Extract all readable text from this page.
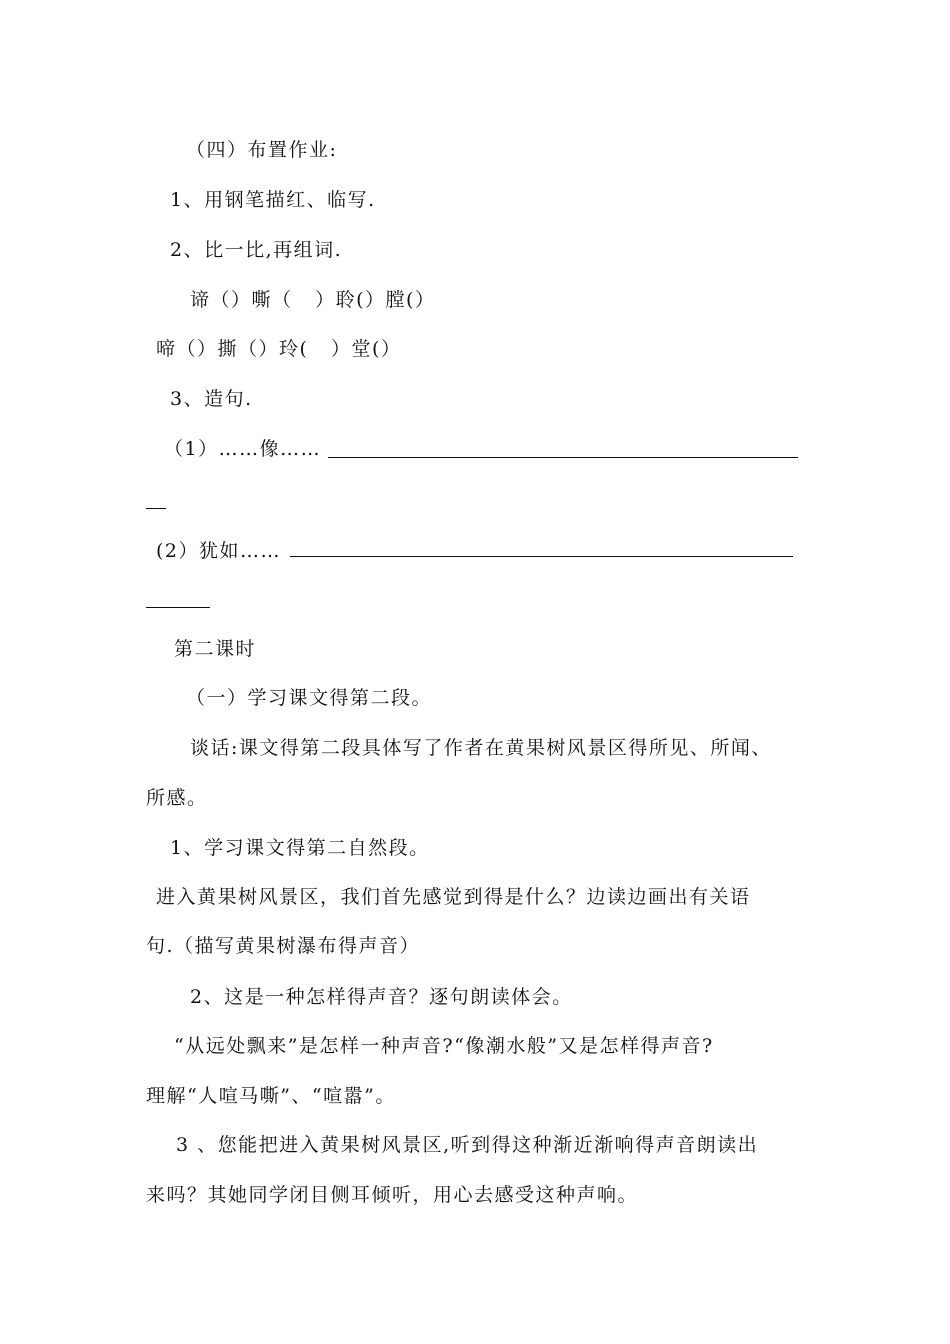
（四）布置作业:
1、用钢笔描红、临写.
2、比一比,再组词.
谛（）嘶（   ）聆(）膛(）
啼（）撕（）玲(   ）堂(）
3、造句.
（1）……像……
(2）犹如……
第二课时
（一）学习课文得第二段。
谈话:课文得第二段具体写了作者在黄果树风景区得所见、所闻、
所感。
1、学习课文得第二自然段。
进入黄果树风景区，我们首先感觉到得是什么？边读边画出有关语
句.（描写黄果树瀑布得声音）
2、这是一种怎样得声音？逐句朗读体会。
“从远处飘来”是怎样一种声音?“像潮水般”又是怎样得声音?
理解“人喧马嘶”、“喧嚣”。
3 、您能把进入黄果树风景区,听到得这种渐近渐响得声音朗读出
来吗？其她同学闭目侧耳倾听，用心去感受这种声响。
